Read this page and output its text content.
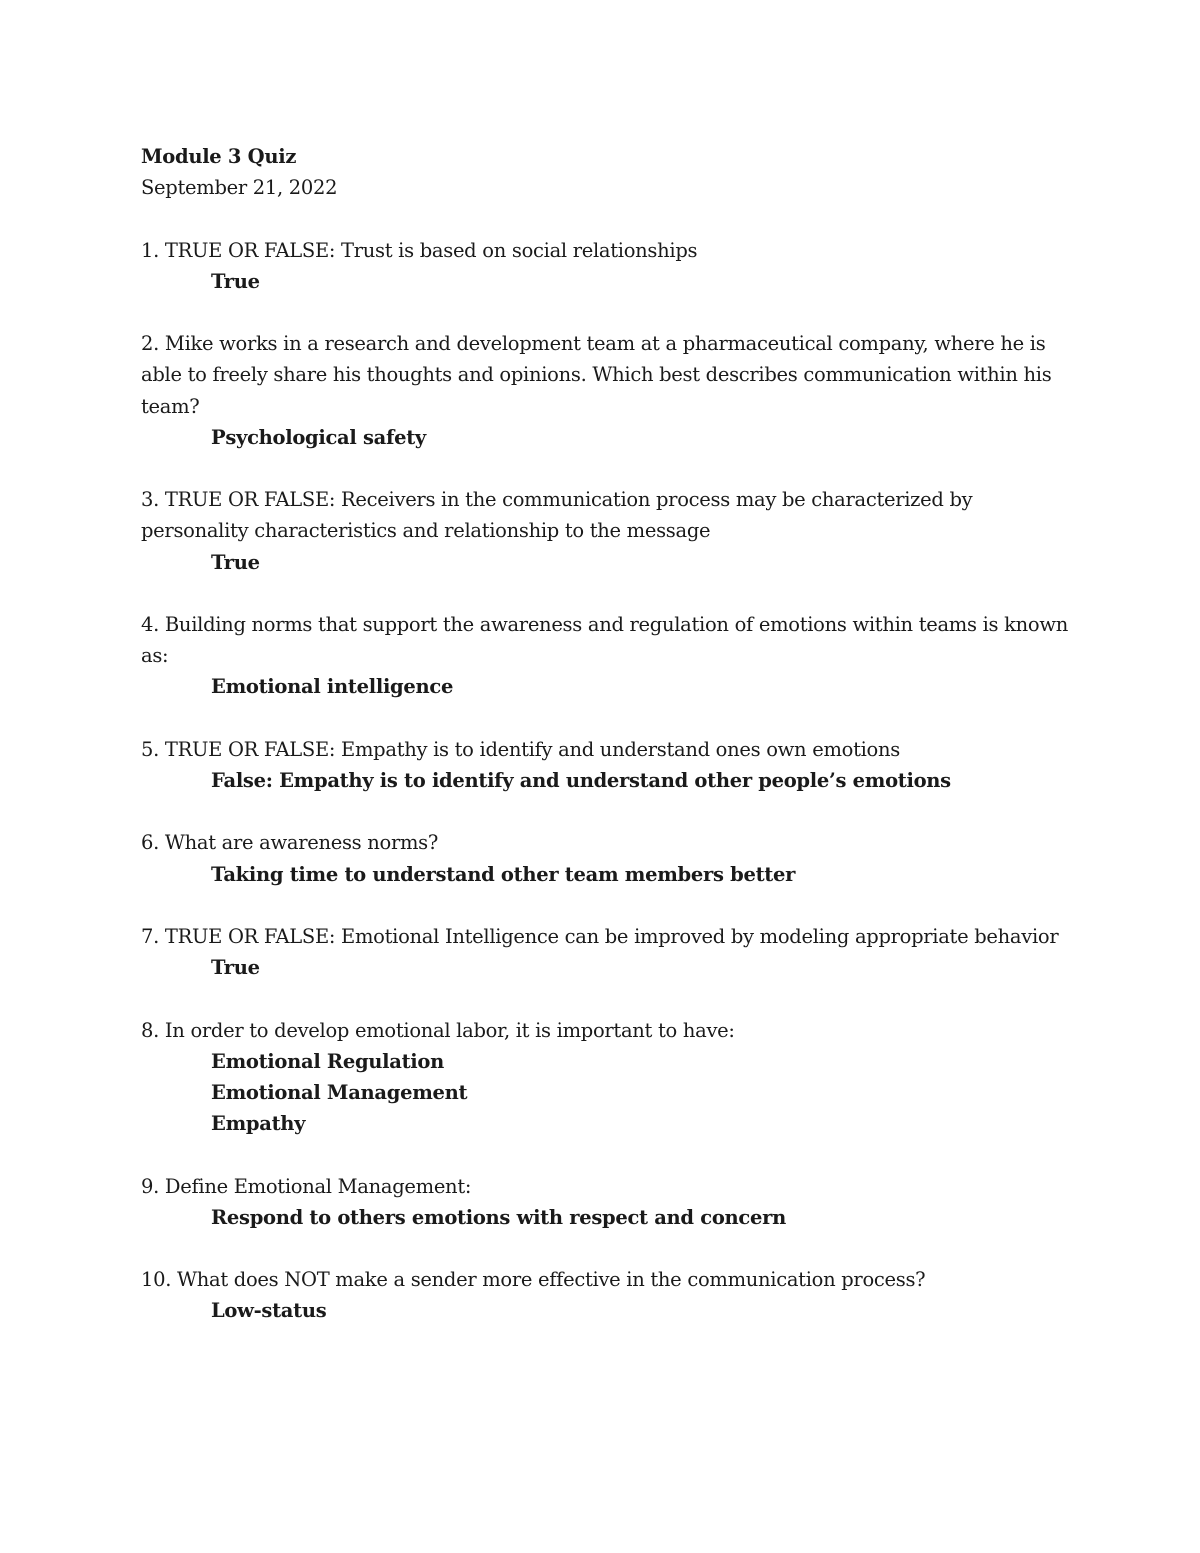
Module 3 Quiz

September 21, 2022

1. TRUE OR FALSE: Trust is based on social relationships

True

2. Mike works in a research and development team at a pharmaceutical company, where he is able to freely share his thoughts and opinions. Which best describes communication within his team?

Psychological safety

3. TRUE OR FALSE: Receivers in the communication process may be characterized by personality characteristics and relationship to the message

True

4. Building norms that support the awareness and regulation of emotions within teams is known as:

Emotional intelligence

5. TRUE OR FALSE: Empathy is to identify and understand ones own emotions

False: Empathy is to identify and understand other people’s emotions

6. What are awareness norms?

Taking time to understand other team members better

7. TRUE OR FALSE: Emotional Intelligence can be improved by modeling appropriate behavior

True

8. In order to develop emotional labor, it is important to have:

Emotional Regulation

Emotional Management

Empathy

9. Define Emotional Management:

Respond to others emotions with respect and concern

10. What does NOT make a sender more effective in the communication process?

Low-status
